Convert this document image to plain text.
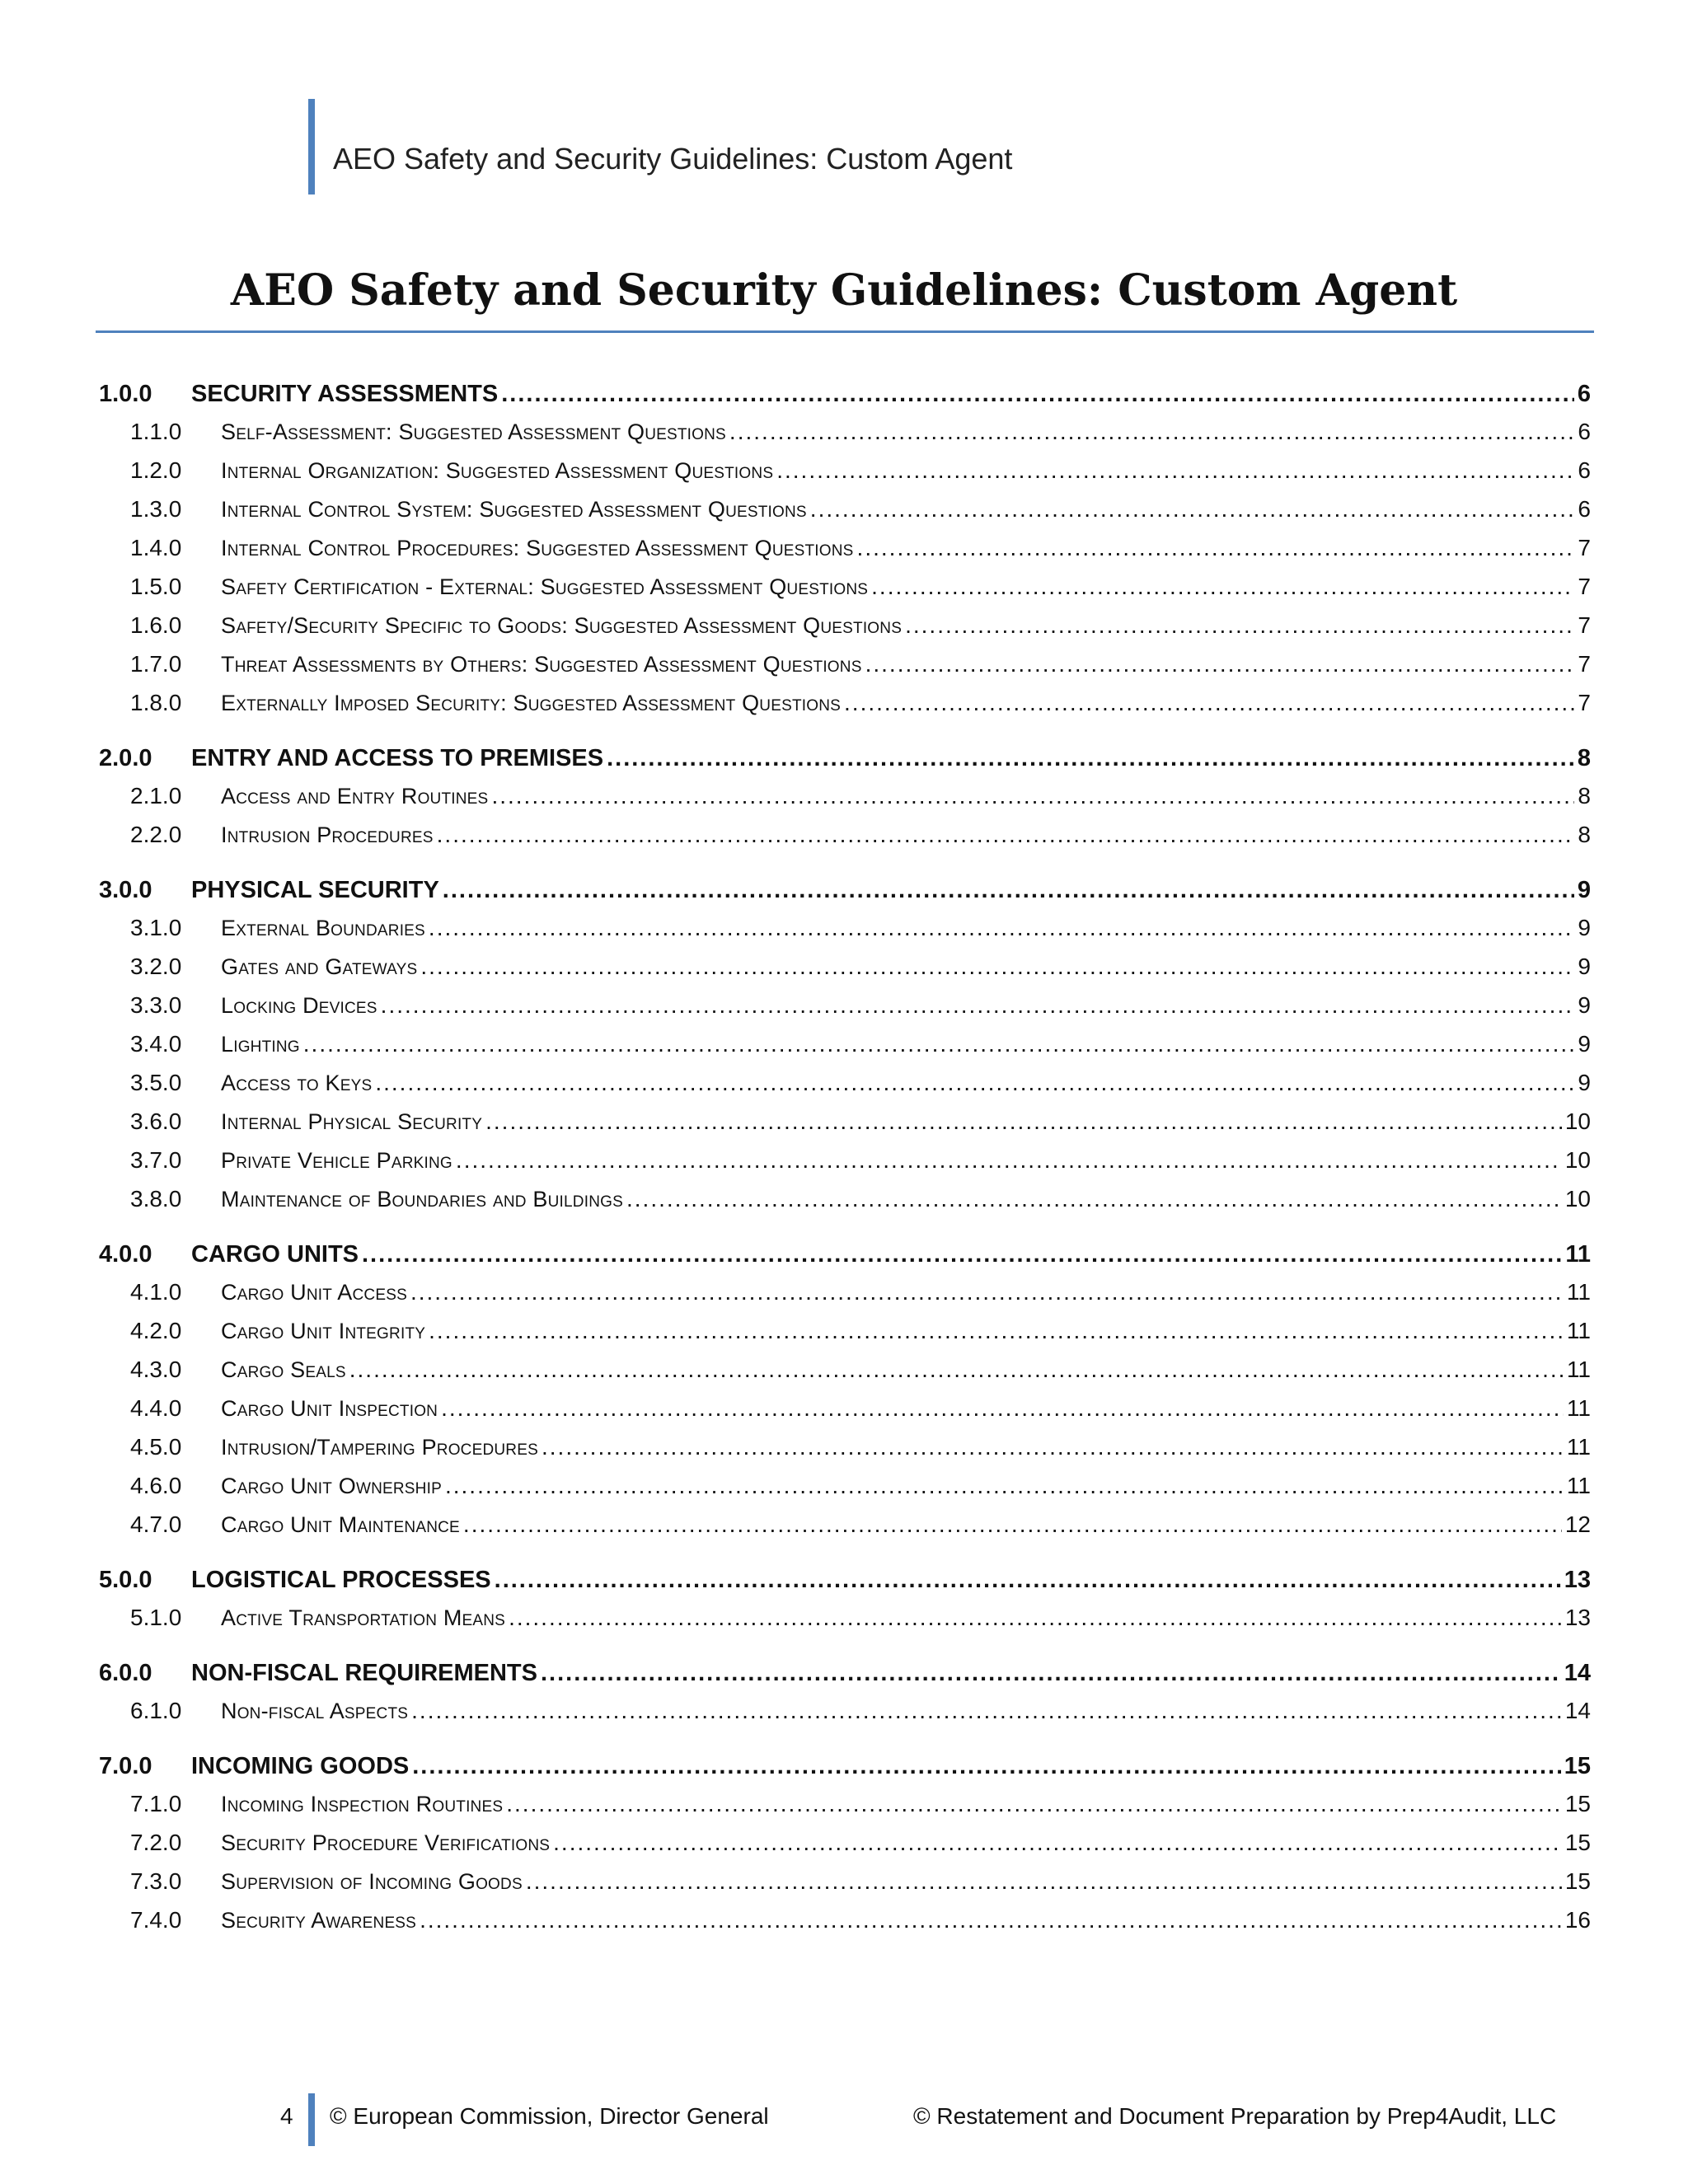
AEO Safety and Security Guidelines: Custom Agent
AEO Safety and Security Guidelines: Custom Agent
1.0.0	SECURITY ASSESSMENTS .....	6
1.1.0	Self-Assessment: Suggested Assessment Questions .....	6
1.2.0	Internal Organization: Suggested Assessment Questions .....	6
1.3.0	Internal Control System: Suggested Assessment Questions .....	6
1.4.0	Internal Control Procedures: Suggested Assessment Questions .....	7
1.5.0	Safety Certification - External: Suggested Assessment Questions .....	7
1.6.0	Safety/Security Specific to Goods: Suggested Assessment Questions .....	7
1.7.0	Threat Assessments by Others: Suggested Assessment Questions .....	7
1.8.0	Externally Imposed Security: Suggested Assessment Questions .....	7
2.0.0	ENTRY AND ACCESS TO PREMISES .....	8
2.1.0	Access and Entry Routines .....	8
2.2.0	Intrusion Procedures .....	8
3.0.0	PHYSICAL SECURITY .....	9
3.1.0	External Boundaries .....	9
3.2.0	Gates and Gateways .....	9
3.3.0	Locking Devices .....	9
3.4.0	Lighting .....	9
3.5.0	Access to Keys .....	9
3.6.0	Internal Physical Security .....	10
3.7.0	Private Vehicle Parking .....	10
3.8.0	Maintenance of Boundaries and Buildings .....	10
4.0.0	CARGO UNITS .....	11
4.1.0	Cargo Unit Access .....	11
4.2.0	Cargo Unit Integrity .....	11
4.3.0	Cargo Seals .....	11
4.4.0	Cargo Unit Inspection .....	11
4.5.0	Intrusion/Tampering Procedures .....	11
4.6.0	Cargo Unit Ownership .....	11
4.7.0	Cargo Unit Maintenance .....	12
5.0.0	LOGISTICAL PROCESSES .....	13
5.1.0	Active Transportation Means .....	13
6.0.0	NON-FISCAL REQUIREMENTS .....	14
6.1.0	Non-fiscal Aspects .....	14
7.0.0	INCOMING GOODS .....	15
7.1.0	Incoming Inspection Routines .....	15
7.2.0	Security Procedure Verifications .....	15
7.3.0	Supervision of Incoming Goods .....	15
7.4.0	Security Awareness .....	16
4 © European Commission, Director General	© Restatement and Document Preparation by Prep4Audit, LLC
